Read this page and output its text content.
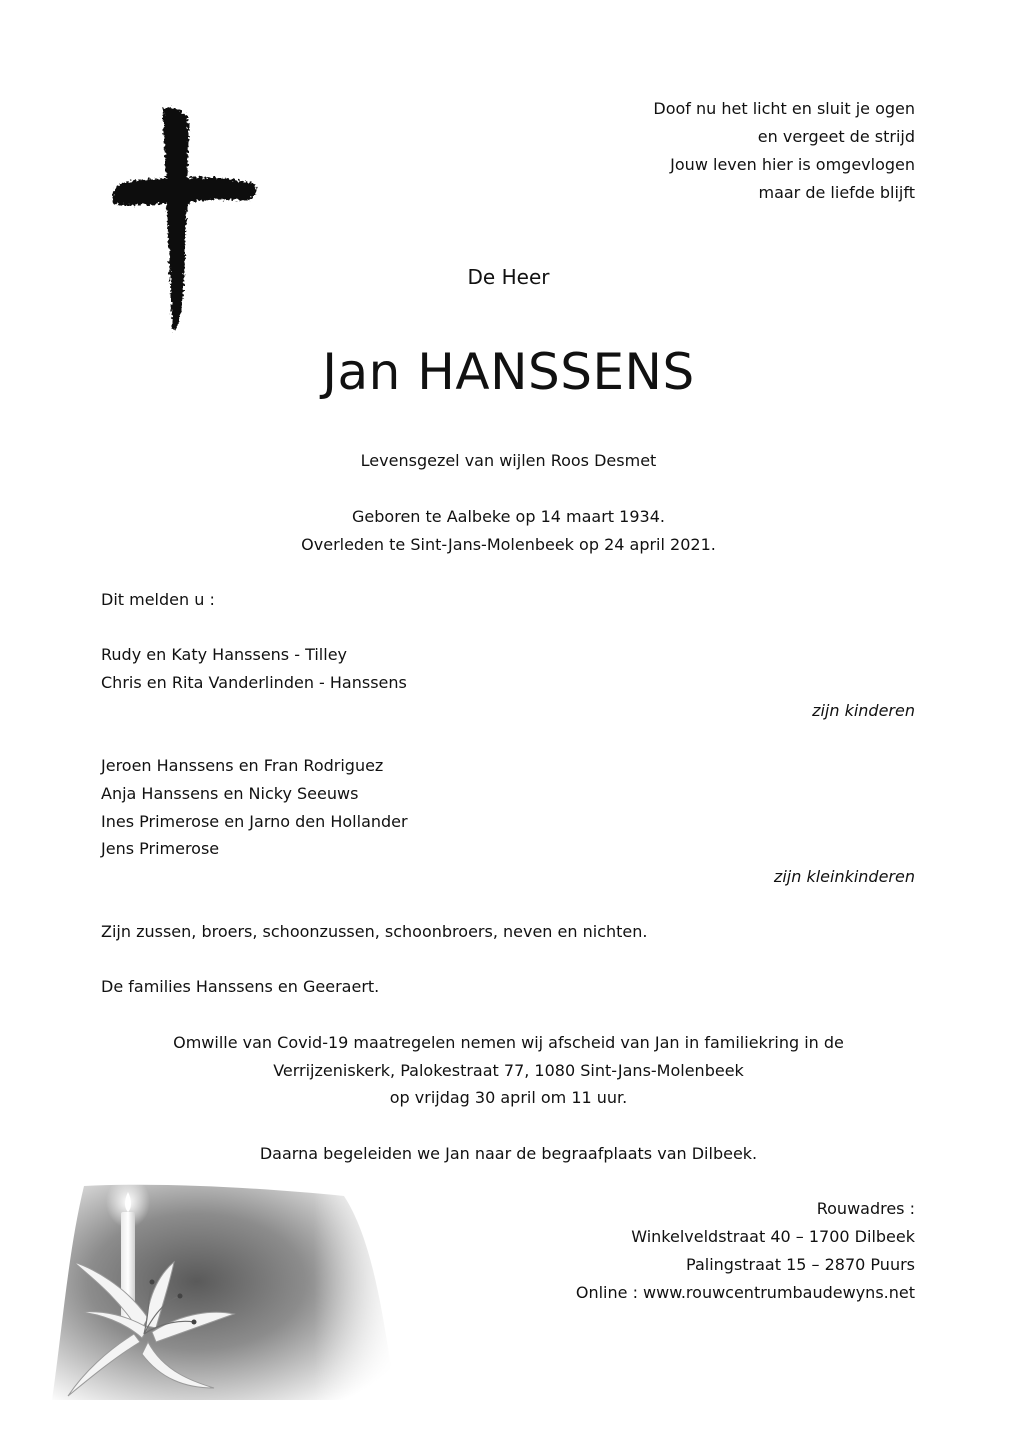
Doof nu het licht en sluit je ogen
en vergeet de strijd
Jouw leven hier is omgevlogen
maar de liefde blijft
De Heer
Jan HANSSENS
Levensgezel van wijlen Roos Desmet
Geboren te Aalbeke op 14 maart 1934.
Overleden te Sint-Jans-Molenbeek op 24 april 2021.
Dit melden u :
Rudy en Katy Hanssens - Tilley
Chris en Rita Vanderlinden - Hanssens
zijn kinderen
Jeroen Hanssens en Fran Rodriguez
Anja Hanssens en Nicky Seeuws
Ines Primerose en Jarno den Hollander
Jens Primerose
zijn kleinkinderen
Zijn zussen, broers, schoonzussen, schoonbroers, neven en nichten.
De families Hanssens en Geeraert.
Omwille van Covid-19 maatregelen nemen wij afscheid van Jan in familiekring in de
Verrijzeniskerk, Palokestraat 77, 1080 Sint-Jans-Molenbeek
op vrijdag 30 april om 11 uur.
Daarna begeleiden we Jan naar de begraafplaats van Dilbeek.
Rouwadres :
Winkelveldstraat 40 – 1700 Dilbeek
Palingstraat 15 – 2870 Puurs
Online : www.rouwcentrumbaudewyns.net
